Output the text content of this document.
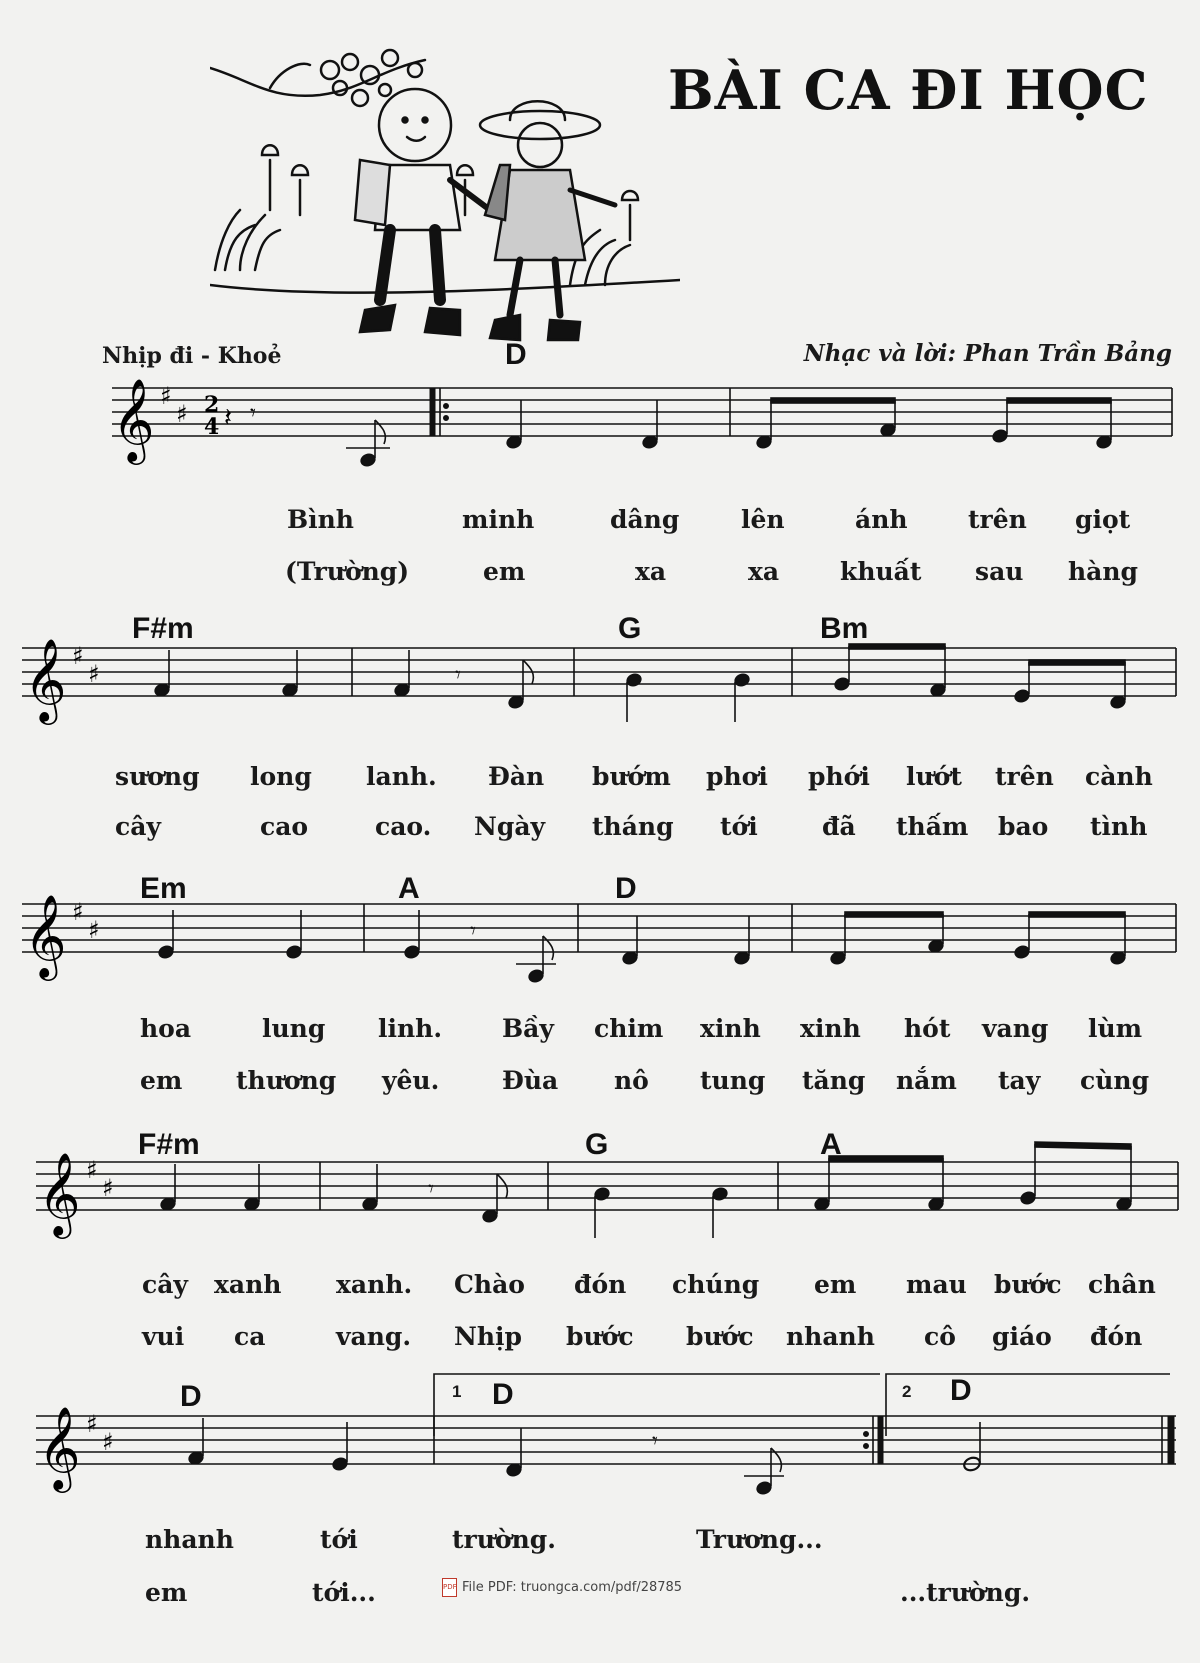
BÀI CA ĐI HỌC
Nhịp đi - Khoẻ	Nhạc và lời: Phan Trần Bảng
𝄞 ♯
♯ 2
4 𝄽 𝄾
D
Bình	minh	dâng lên	ánh trên giọt
(Trường)	em	xa	xa khuất sau hàng
𝄞 ♯
♯	𝄾
F#m	G	Bm
sương long lanh. Đàn bướm phơi phới lướt trên cành
cây	cao	cao. Ngày tháng tới	đã thấm bao tình
𝄞 ♯
♯	𝄾
Em	A	D
hoa	lung linh. Bầy chim xinh xinh hót vang lùm
em thương yêu.	Đùa nô tung tăng nắm tay cùng
𝄞 ♯
♯	𝄾
F#m	G	A
cây xanh xanh. Chào đón chúng em mau bước chân
vui ca	vang. Nhịp bước bước nhanh cô giáo đón
𝄞 ♯
♯	𝄾
1	2
D	D	D
nhanh	tới	trường.	Trương...
em	tới...	...trường.
PDF File PDF: truongca.com/pdf/28785
